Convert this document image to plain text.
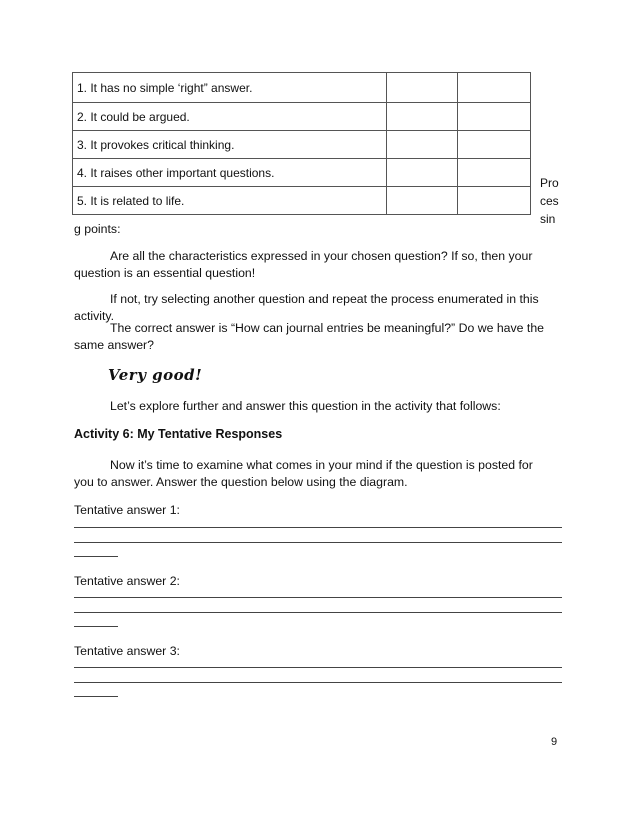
1. It has no simple ‘right” answer.		
2. It could be argued.		
3. It provokes critical thinking.		
4. It raises other important questions.		
5. It is related to life.		
Pro
ces
sin
g points:
Are all the characteristics expressed in your chosen question? If so, then your
question is an essential question!
If not, try selecting another question and repeat the process enumerated in this
activity.
The correct answer is “How can journal entries be meaningful?” Do we have the
same answer?
Very good!
Let’s explore further and answer this question in the activity that follows:
Activity 6: My Tentative Responses
Now it’s time to examine what comes in your mind if the question is posted for
you to answer. Answer the question below using the diagram.
Tentative answer 1:
Tentative answer 2:
Tentative answer 3:
9
